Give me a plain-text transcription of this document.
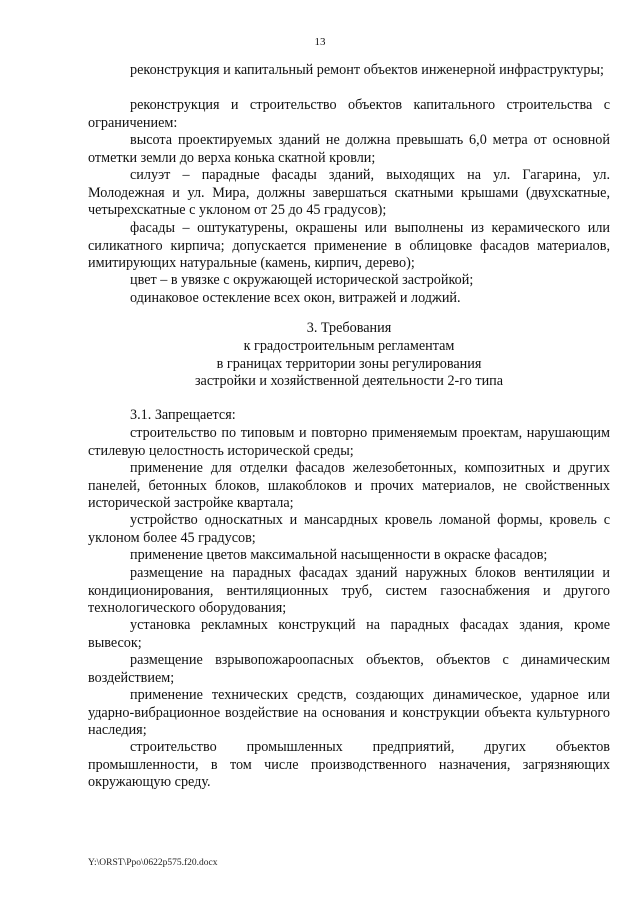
13

реконструкция и капитальный ремонт объектов инженерной инфраструктуры;

реконструкция и строительство объектов капитального строительства с ограничением:

высота проектируемых зданий не должна превышать 6,0 метра от основной отметки земли до верха конька скатной кровли;

силуэт – парадные фасады зданий, выходящих на ул. Гагарина, ул. Молодежная и ул. Мира, должны завершаться скатными крышами (двухскатные, четырехскатные с уклоном от 25 до 45 градусов);

фасады – оштукатурены, окрашены или выполнены из керамического или силикатного кирпича; допускается применение в облицовке фасадов материалов, имитирующих натуральные (камень, кирпич, дерево);

цвет – в увязке с окружающей исторической застройкой;

одинаковое остекление всех окон, витражей и лоджий.

3. Требования
к градостроительным регламентам
в границах территории зоны регулирования
застройки и хозяйственной деятельности 2-го типа

3.1. Запрещается:

строительство по типовым и повторно применяемым проектам, нарушающим стилевую целостность исторической среды;

применение для отделки фасадов железобетонных, композитных и других панелей, бетонных блоков, шлакоблоков и прочих материалов, не свойственных исторической застройке квартала;

устройство односкатных и мансардных кровель ломаной формы, кровель с уклоном более 45 градусов;

применение цветов максимальной насыщенности в окраске фасадов;

размещение на парадных фасадах зданий наружных блоков вентиляции и кондиционирования, вентиляционных труб, систем газоснабжения и другого технологического оборудования;

установка рекламных конструкций на парадных фасадах здания, кроме вывесок;

размещение взрывопожароопасных объектов, объектов с динамическим воздействием;

применение технических средств, создающих динамическое, ударное или ударно-вибрационное воздействие на основания и конструкции объекта культурного наследия;

строительство промышленных предприятий, других объектов промышленности, в том числе производственного назначения, загрязняющих окружающую среду.

Y:\ORST\Ppo\0622p575.f20.docx
